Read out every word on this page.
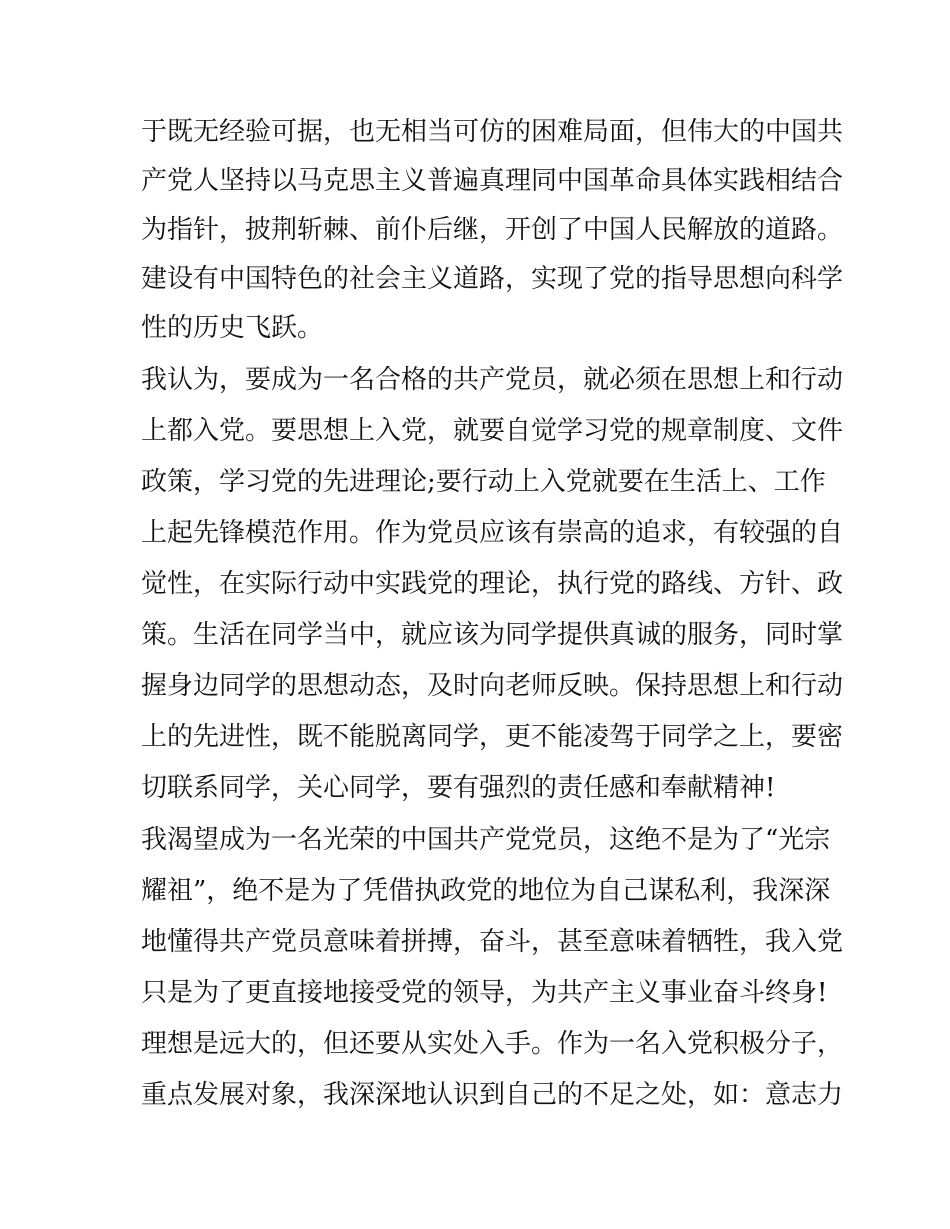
于既无经验可据，也无相当可仿的困难局面，但伟大的中国共
产党人坚持以马克思主义普遍真理同中国革命具体实践相结合
为指针，披荆斩棘、前仆后继，开创了中国人民解放的道路。
建设有中国特色的社会主义道路，实现了党的指导思想向科学
性的历史飞跃。
我认为，要成为一名合格的共产党员，就必须在思想上和行动
上都入党。要思想上入党，就要自觉学习党的规章制度、文件
政策，学习党的先进理论;要行动上入党就要在生活上、工作
上起先锋模范作用。作为党员应该有崇高的追求，有较强的自
觉性，在实际行动中实践党的理论，执行党的路线、方针、政
策。生活在同学当中，就应该为同学提供真诚的服务，同时掌
握身边同学的思想动态，及时向老师反映。保持思想上和行动
上的先进性，既不能脱离同学，更不能凌驾于同学之上，要密
切联系同学，关心同学，要有强烈的责任感和奉献精神!
我渴望成为一名光荣的中国共产党党员，这绝不是为了“光宗
耀祖”，绝不是为了凭借执政党的地位为自己谋私利，我深深
地懂得共产党员意味着拼搏，奋斗，甚至意味着牺牲，我入党
只是为了更直接地接受党的领导，为共产主义事业奋斗终身!
理想是远大的，但还要从实处入手。作为一名入党积极分子，
重点发展对象，我深深地认识到自己的不足之处，如：意志力
